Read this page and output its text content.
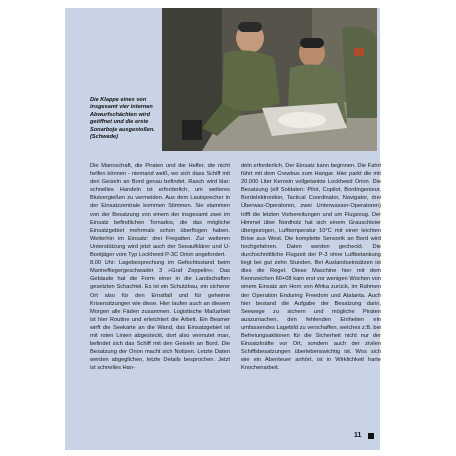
Die Klappe eines von insgesamt vier internen Abwurfschächten wird geöffnet und die erste Sonarboje ausgestoßen. (Schwede)

Die Mannschaft, die Piraten und die Helfer, die nicht helfen können - niemand weiß, wo sich dass Schiff mit den Geiseln an Bord genau befindet. Rasch wird klar: schnelles Handeln ist erforderlich, um weiteres Blutvergießen zu vermeiden. Aus dem Lautsprecher in der Einsatzzentrale kommen Stimmen. Sie stammen von der Besatzung von einem der insgesamt zwei im Einsatz befindlichen Tornados, die das mögliche Einsatzgebiet mehrmals schon überflogen haben. Weiterhin im Einsatz: drei Fregatten. Zur weiteren Unterstützung wird jetzt auch der Seeaufklärer und U-Bootjäger vom Typ Lockheed P-3C Orion angefordert.

8.00 Uhr: Lagebesprechung im Gefechtsstand beim Marinefliegergeschwader 3 »Graf Zeppelin«. Das Gebäude hat die Form einer in die Landschaften gesetzten Schachtel. Es ist ein Schutzbau, ein sicherer Ort also für den Ernstfall und für geheime Krisensitzungen wie diese. Hier laufen auch an diesem Morgen alle Fäden zusammen. Logistische Maßarbeit ist hier Routine und erleichtert die Arbeit. Ein Beamer wirft die Seekarte an die Wand, das Einsatzgebiet ist mit roten Linien abgesteckt, dort also vermutet man, befindet sich das Schiff mit den Geiseln an Bord. Die Besatzung der Orion macht sich Notizen. Letzte Daten werden abgeglichen, letzte Details besprochen. Jetzt ist schnelles Han-

deln erforderlich. Der Einsatz kann beginnen. Die Fahrt führt mit dem Crewbus zum Hangar. Hier parkt die mit 20.000 Liter Kerosin vollgetankte Lockheed Orion. Die Besatzung (elf Soldaten: Pilot, Copilot, Bordingenieur, Bordelektroniker, Tactical Coordinator, Navigator, drei Überwas-Operatoren, zwei Unterwasser-Operatoren) trifft die letzten Vorbereitungen und um Flugzeug. Der Himmel über Nordholz hat sich einem Grauschleier übergezogen, Lufttemperatur 10°C mit einer leichten Brise aus West. Die komplette Sensorik an Bord wird hochgefahren. Daten werden gecheckt. Die durchschnittliche Flugzeit der P-3 ohne Luftbetankung liegt bei gut zehn Stunden. Bei Auslandseinsätzen ist dies die Regel. Diese Maschine hier mit dem Kennzeichen 60+08 kam erst vor wenigen Wochen von einem Einsatz am Horn von Afrika zurück, im Rahmen der Operation Enduring Freedom und Atalanta. Auch hier bestand die Aufgabe der Besatzung darin, Seewege zu sichern und mögliche Piraten auszumachen, den fehlenden Einheiten ein umfassendes Lagebild zu verschaffen, welches z.B. bei Befreiungsaktionen für die Sicherheit nicht nur der Einsatzkräfte vor Ort, sondern auch der zivilen Schiffsbesatzungen überlebenswichtig ist. Wos sich wie ein Abenteuer anhört, ist in Wirklichkeit harte Knochenarbeit.

11
